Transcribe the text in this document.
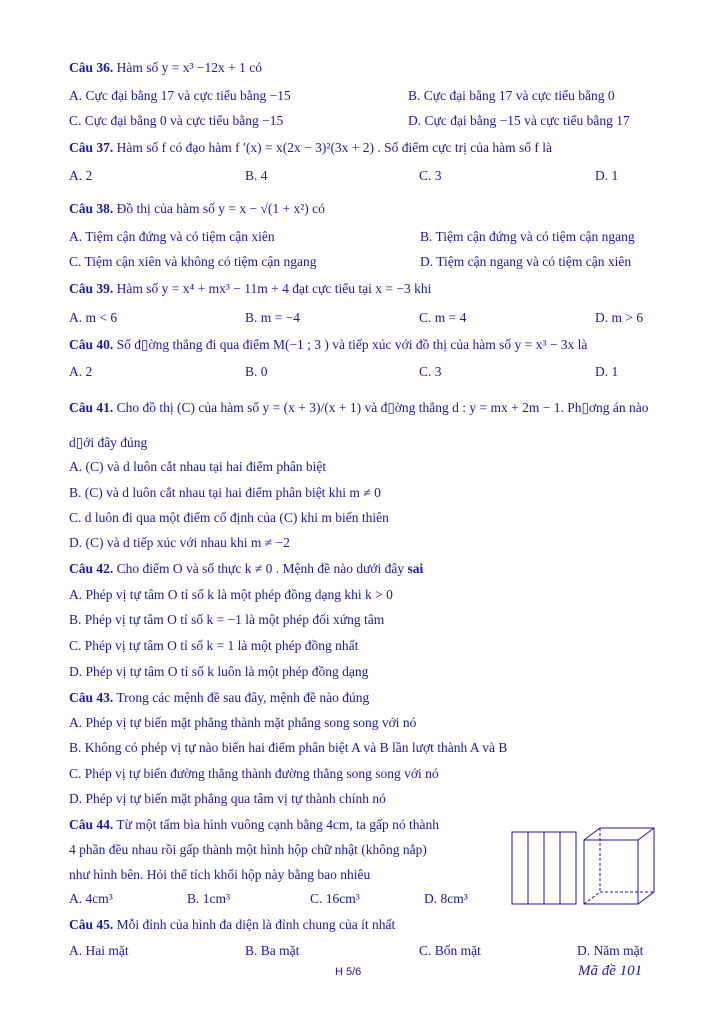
Câu 36. Hàm số y = x³ −12x + 1 có
A. Cực đại bằng 17 và cực tiểu bằng −15	B. Cực đại bằng 17 và cực tiểu bằng 0
C. Cực đại bằng 0 và cực tiểu bằng −15	D. Cực đại bằng −15 và cực tiểu bằng 17
Câu 37. Hàm số f có đạo hàm f ′(x) = x(2x − 3)²(3x + 2) . Số điểm cực trị của hàm số f là
A. 2	B. 4	C. 3	D. 1
Câu 38. Đồ thị của hàm số y = x − √(1 + x²) có
A. Tiệm cận đứng và có tiệm cận xiên	B. Tiệm cận đứng và có tiệm cận ngang
C. Tiệm cận xiên và không có tiệm cận ngang	D. Tiệm cận ngang và có tiệm cận xiên
Câu 39. Hàm số y = x⁴ + mx³ − 11m + 4 đạt cực tiểu tại x = −3 khi
A. m < 6	B. m = −4	C. m = 4	D. m > 6
Câu 40. Số đ▯ờng thẳng đi qua điểm M(−1 ; 3 ) và tiếp xúc với đồ thị của hàm số y = x³ − 3x là
A. 2	B. 0	C. 3	D. 1
Câu 41. Cho đồ thị (C) của hàm số y = (x + 3)/(x + 1) và đ▯ờng thẳng d : y = mx + 2m − 1. Ph▯ơng án nào
d▯ới đây đúng
A. (C) và d luôn cắt nhau tại hai điểm phân biệt
B. (C) và d luôn cắt nhau tại hai điểm phân biệt khi m ≠ 0
C. d luôn đi qua một điểm cố định của (C) khi m biến thiên
D. (C) và d tiếp xúc với nhau khi m ≠ −2
Câu 42. Cho điểm O và số thực k ≠ 0 . Mệnh đề nào dưới đây sai
A. Phép vị tự tâm O tỉ số k là một phép đồng dạng khi k > 0
B. Phép vị tự tâm O tỉ số k = −1 là một phép đối xứng tâm
C. Phép vị tự tâm O tỉ số k = 1 là một phép đồng nhất
D. Phép vị tự tâm O tỉ số k luôn là một phép đồng dạng
Câu 43. Trong các mệnh đề sau đây, mệnh đề nào đúng
A. Phép vị tự biến mặt phẳng thành mặt phẳng song song với nó
B. Không có phép vị tự nào biến hai điểm phân biệt A và B lần lượt thành A và B
C. Phép vị tự biến đường thẳng thành đường thẳng song song với nó
D. Phép vị tự biến mặt phẳng qua tâm vị tự thành chính nó
Câu 44. Từ một tấm bìa hình vuông cạnh bằng 4cm, ta gấp nó thành
4 phần đều nhau rồi gấp thành một hình hộp chữ nhật (không nắp)
như hình bên. Hỏi thể tích khối hộp này bằng bao nhiêu
A. 4cm³	B. 1cm³	C. 16cm³	D. 8cm³
Câu 45. Mỗi đỉnh của hình đa diện là đỉnh chung của ít nhất
A. Hai mặt	B. Ba mặt	C. Bốn mặt	D. Năm mặt
H 5/6	Mã đề 101
